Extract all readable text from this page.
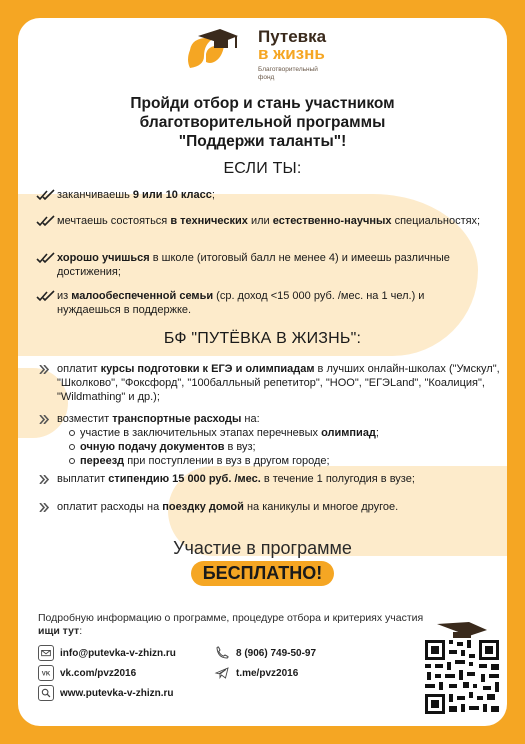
Путевка
в жизнь
Благотворительный фонд
Пройди отбор и стань участником
благотворительной программы
"Поддержи таланты"!
ЕСЛИ ТЫ:
заканчиваешь 9 или 10 класс;
мечтаешь состояться в технических или естественно-научных специальностях;
хорошо учишься в школе (итоговый балл не менее 4) и имеешь различные достижения;
из малообеспеченной семьи (ср. доход <15 000 руб. /мес. на 1 чел.) и нуждаешься в поддержке.
БФ "ПУТЁВКА В ЖИЗНЬ":
оплатит курсы подготовки к ЕГЭ и олимпиадам в лучших онлайн-школах ("Умскул", "Школково", "Фоксфорд", "100балльный репетитор", "НОО", "ЕГЭLand", "Коалиция", "Wildmathing" и др.);
возместит транспортные расходы на:
участие в заключительных этапах перечневых олимпиад;
очную подачу документов в вуз;
переезд при поступлении в вуз в другом городе;
выплатит стипендию 15 000 руб. /мес. в течение 1 полугодия в вузе;
оплатит расходы на поездку домой на каникулы и многое другое.
Участие в программе
БЕСПЛАТНО!
Подробную информацию о программе, процедуре отбора и критериях участия ищи тут:
info@putevka-v-zhizn.ru
VK vk.com/pvz2016
www.putevka-v-zhizn.ru
8 (906) 749-50-97
t.me/pvz2016
